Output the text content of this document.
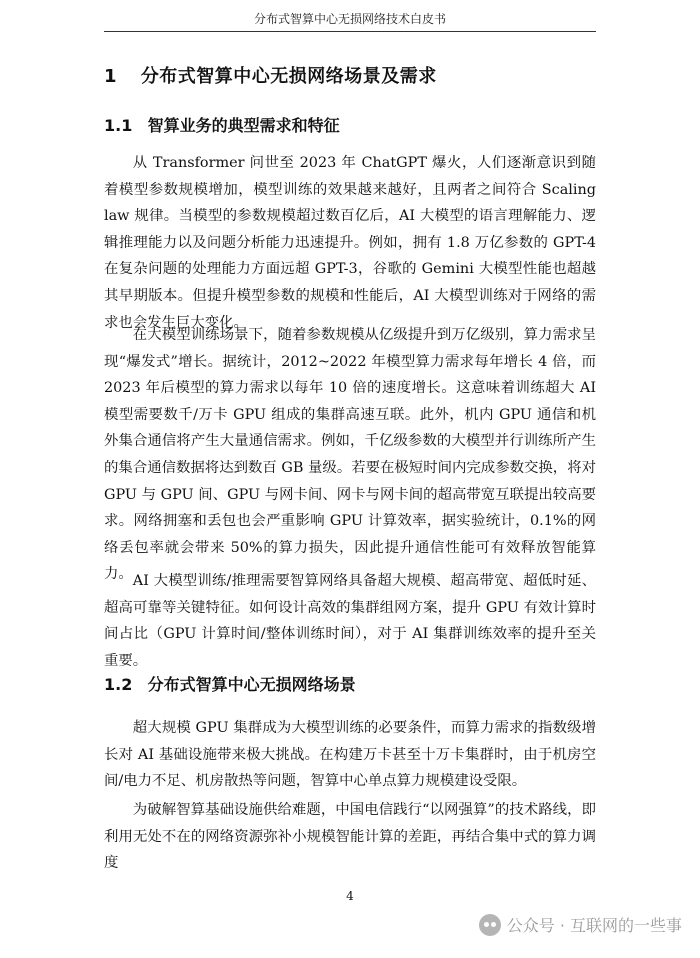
分布式智算中心无损网络技术白皮书
1 分布式智算中心无损网络场景及需求
1.1 智算业务的典型需求和特征

从 Transformer 问世至 2023 年 ChatGPT 爆火，人们逐渐意识到随着模型参数规模增加，模型训练的效果越来越好，且两者之间符合 Scaling law 规律。当模型的参数规模超过数百亿后，AI 大模型的语言理解能力、逻辑推理能力以及问题分析能力迅速提升。例如，拥有 1.8 万亿参数的 GPT-4 在复杂问题的处理能力方面远超 GPT-3，谷歌的 Gemini 大模型性能也超越其早期版本。但提升模型参数的规模和性能后，AI 大模型训练对于网络的需求也会发生巨大变化。

在大模型训练场景下，随着参数规模从亿级提升到万亿级别，算力需求呈现“爆发式”增长。据统计，2012~2022 年模型算力需求每年增长 4 倍，而 2023 年后模型的算力需求以每年 10 倍的速度增长。这意味着训练超大 AI 模型需要数千/万卡 GPU 组成的集群高速互联。此外，机内 GPU 通信和机外集合通信将产生大量通信需求。例如，千亿级参数的大模型并行训练所产生的集合通信数据将达到数百 GB 量级。若要在极短时间内完成参数交换，将对 GPU 与 GPU 间、GPU 与网卡间、网卡与网卡间的超高带宽互联提出较高要求。网络拥塞和丢包也会严重影响 GPU 计算效率，据实验统计，0.1%的网络丢包率就会带来 50%的算力损失，因此提升通信性能可有效释放智能算力。 AI 大模型训练/推理需要智算网络具备超大规模、超高带宽、超低时延、超高可靠等关键特征。如何设计高效的集群组网方案，提升 GPU 有效计算时间占比（GPU 计算时间/整体训练时间），对于 AI 集群训练效率的提升至关重要。

1.2 分布式智算中心无损网络场景

超大规模 GPU 集群成为大模型训练的必要条件，而算力需求的指数级增长对 AI 基础设施带来极大挑战。在构建万卡甚至十万卡集群时，由于机房空间/电力不足、机房散热等问题，智算中心单点算力规模建设受限。

为破解智算基础设施供给难题，中国电信践行“以网强算”的技术路线，即利用无处不在的网络资源弥补小规模智能计算的差距，再结合集中式的算力调度

4
公众号 · 互联网的一些事
